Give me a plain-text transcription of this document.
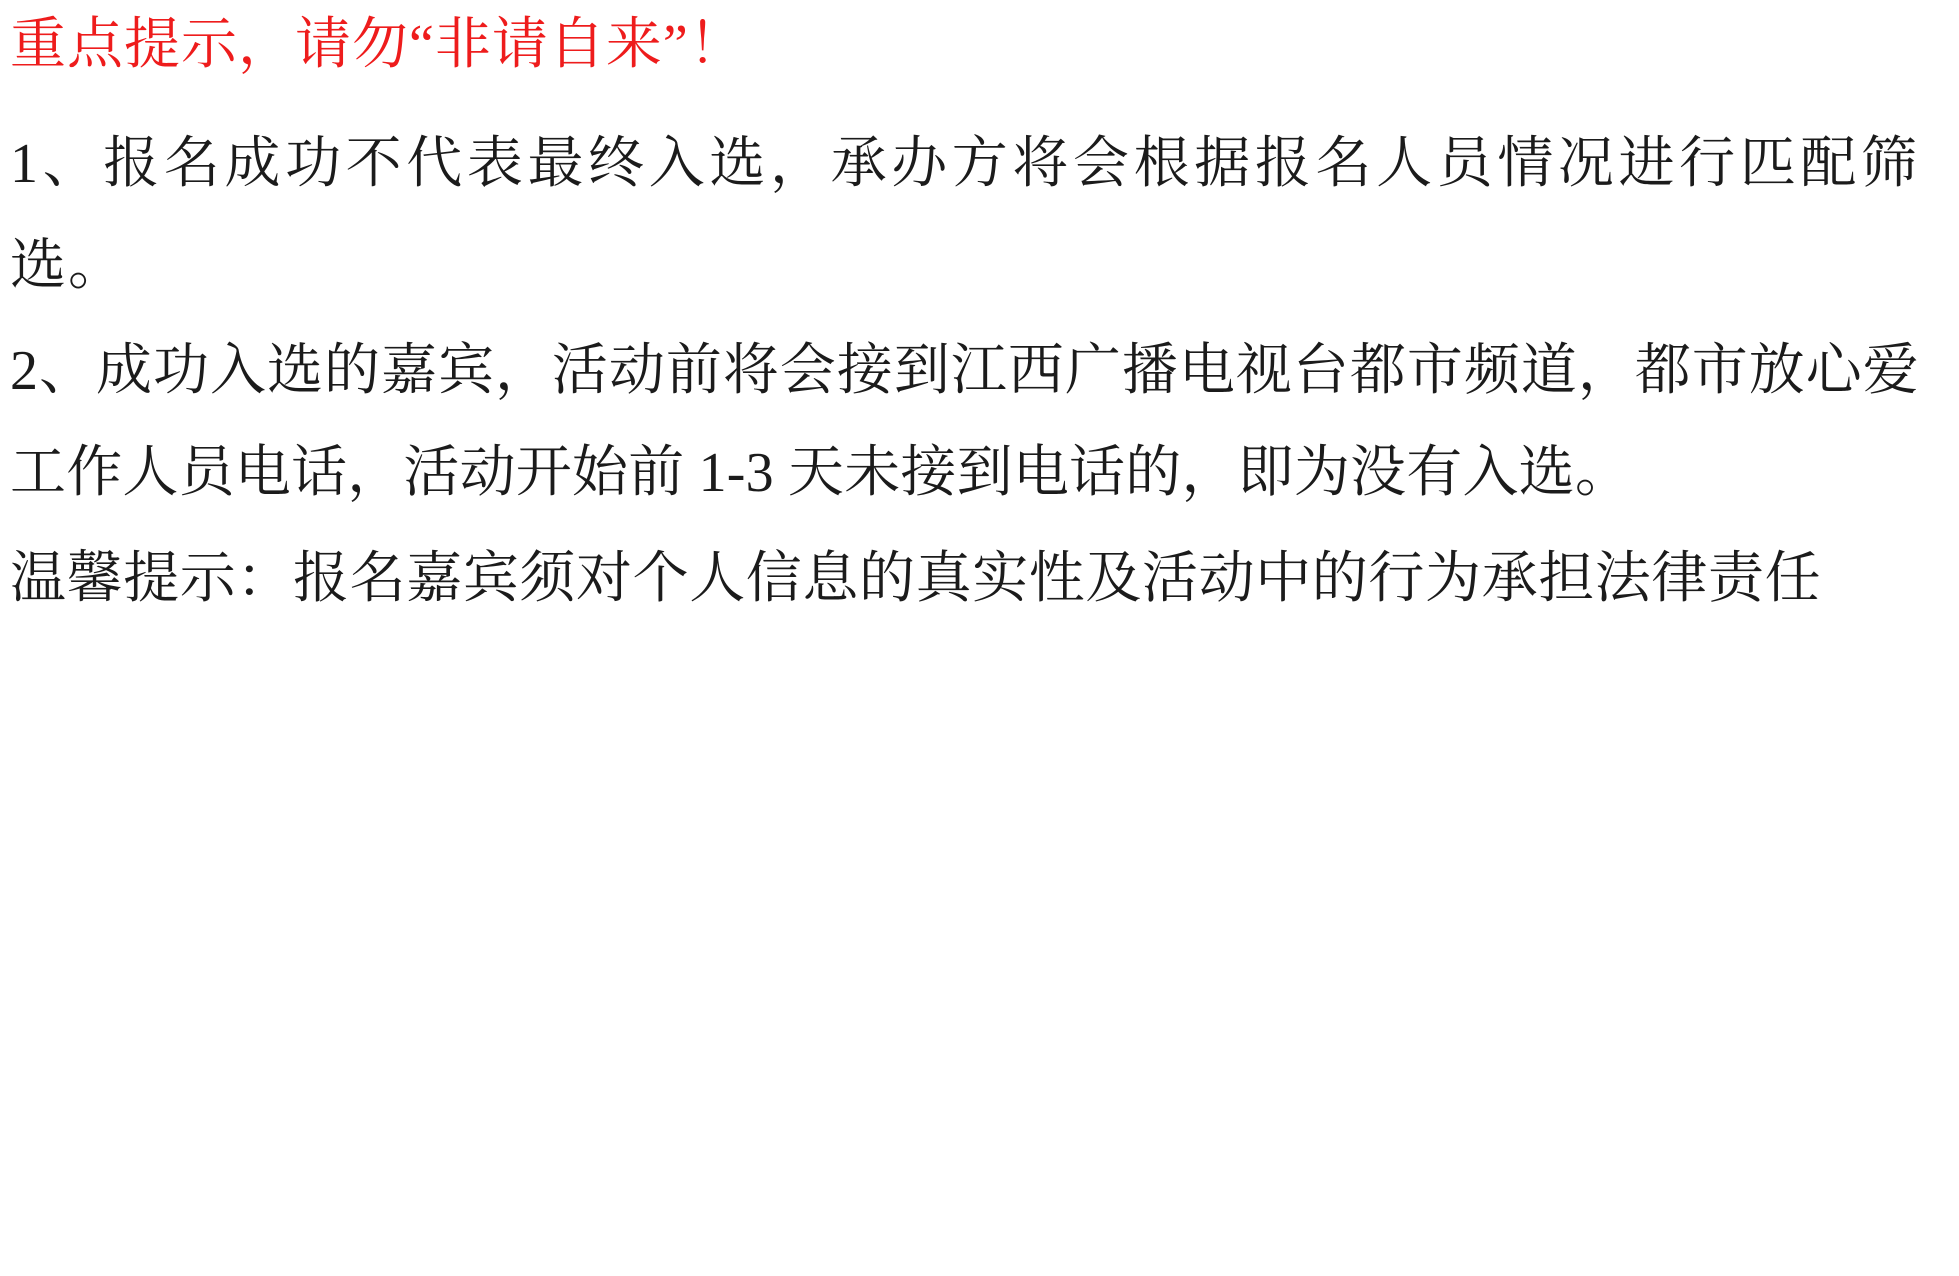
重点提示，请勿“非请自来”！

1、报名成功不代表最终入选，承办方将会根据报名人员情况进行匹配筛选。

2、成功入选的嘉宾，活动前将会接到江西广播电视台都市频道，都市放心爱工作人员电话，活动开始前 1-3 天未接到电话的，即为没有入选。

温馨提示：报名嘉宾须对个人信息的真实性及活动中的行为承担法律责任
